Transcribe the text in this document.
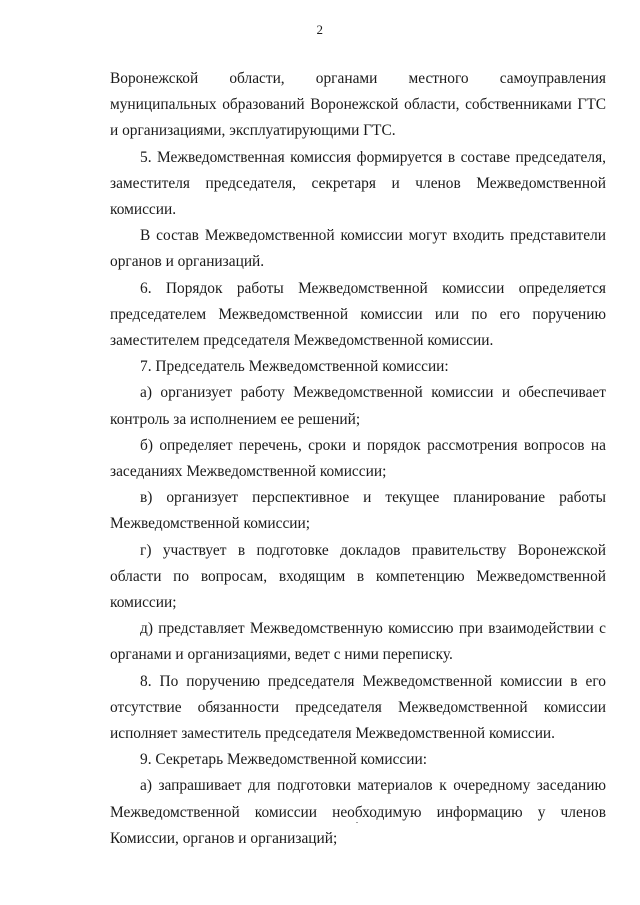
2

Воронежской области, органами местного самоуправления муниципальных образований Воронежской области, собственниками ГТС и организациями, эксплуатирующими ГТС.

5. Межведомственная комиссия формируется в составе председателя, заместителя председателя, секретаря и членов Межведомственной комиссии.

В состав Межведомственной комиссии могут входить представители органов и организаций.

6. Порядок работы Межведомственной комиссии определяется председателем Межведомственной комиссии или по его поручению заместителем председателя Межведомственной комиссии.

7. Председатель Межведомственной комиссии:

а) организует работу Межведомственной комиссии и обеспечивает контроль за исполнением ее решений;

б) определяет перечень, сроки и порядок рассмотрения вопросов на заседаниях Межведомственной комиссии;

в) организует перспективное и текущее планирование работы Межведомственной комиссии;

г) участвует в подготовке докладов правительству Воронежской области по вопросам, входящим в компетенцию Межведомственной комиссии;

д) представляет Межведомственную комиссию при взаимодействии с органами и организациями, ведет с ними переписку.

8. По поручению председателя Межведомственной комиссии в его отсутствие обязанности председателя Межведомственной комиссии исполняет заместитель председателя Межведомственной комиссии.

9. Секретарь Межведомственной комиссии:

а) запрашивает для подготовки материалов к очередному заседанию Межведомственной комиссии необходимую информацию у членов Комиссии, органов и организаций;
